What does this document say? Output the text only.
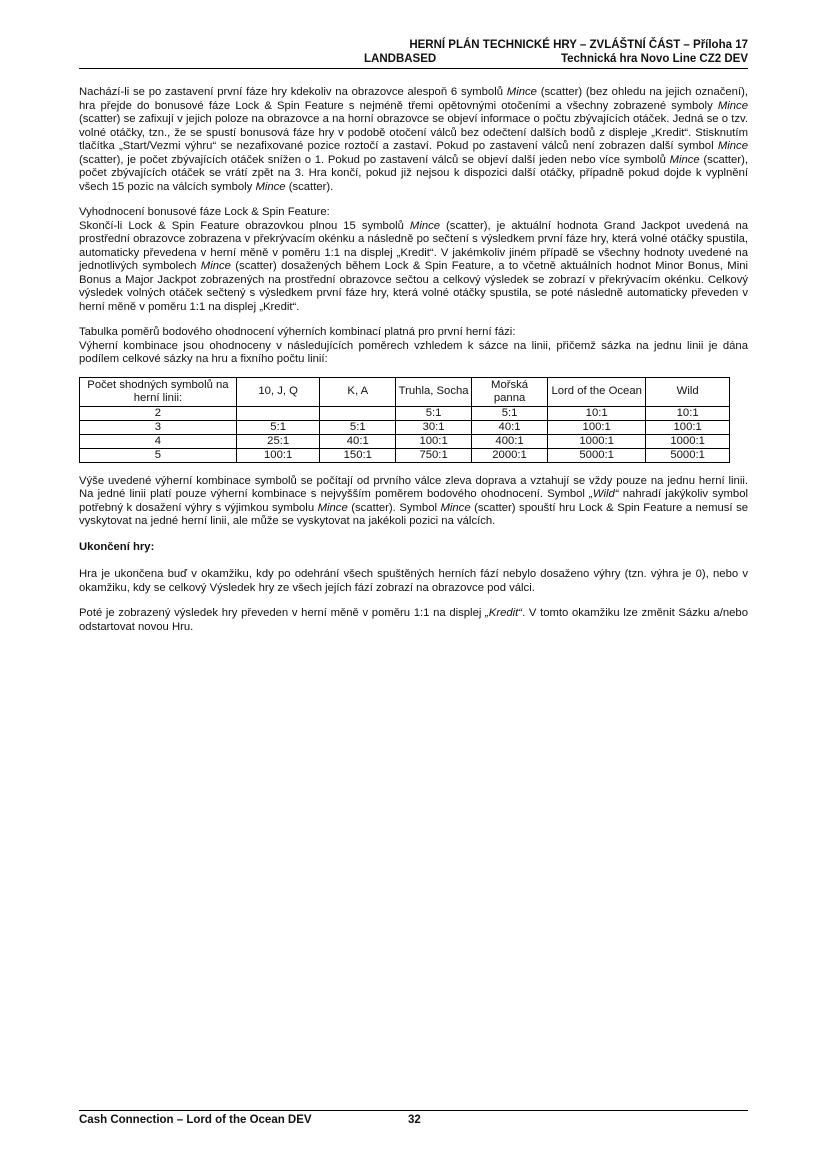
HERNÍ PLÁN TECHNICKÉ HRY – ZVLÁŠTNÍ ČÁST – Příloha 17
LANDBASED	Technická hra Novo Line CZ2 DEV

Nachází-li se po zastavení první fáze hry kdekoliv na obrazovce alespoň 6 symbolů Mince (scatter) (bez ohledu na jejich označení), hra přejde do bonusové fáze Lock & Spin Feature s nejméně třemi opětovnými otočeními a všechny zobrazené symboly Mince (scatter) se zafixují v jejich poloze na obrazovce a na horní obrazovce se objeví informace o počtu zbývajících otáček. Jedná se o tzv. volné otáčky, tzn., že se spustí bonusová fáze hry v podobě otočení válců bez odečtení dalších bodů z displeje „Kredit“. Stisknutím tlačítka „Start/Vezmi výhru“ se nezafixované pozice roztočí a zastaví. Pokud po zastavení válců není zobrazen další symbol Mince (scatter), je počet zbývajících otáček snížen o 1. Pokud po zastavení válců se objeví další jeden nebo více symbolů Mince (scatter), počet zbývajících otáček se vrátí zpět na 3. Hra končí, pokud již nejsou k dispozici další otáčky, případně pokud dojde k vyplnění všech 15 pozic na válcích symboly Mince (scatter).

Vyhodnocení bonusové fáze Lock & Spin Feature:

Skončí-li Lock & Spin Feature obrazovkou plnou 15 symbolů Mince (scatter), je aktuální hodnota Grand Jackpot uvedená na prostřední obrazovce zobrazena v překrývacím okénku a následně po sečtení s výsledkem první fáze hry, která volné otáčky spustila, automaticky převedena v herní měně v poměru 1:1 na displej „Kredit“. V jakémkoliv jiném případě se všechny hodnoty uvedené na jednotlivých symbolech Mince (scatter) dosažených během Lock & Spin Feature, a to včetně aktuálních hodnot Minor Bonus, Mini Bonus a Major Jackpot zobrazených na prostřední obrazovce sečtou a celkový výsledek se zobrazí v překrývacím okénku. Celkový výsledek volných otáček sečtený s výsledkem první fáze hry, která volné otáčky spustila, se poté následně automaticky převeden v herní měně v poměru 1:1 na displej „Kredit“.

Tabulka poměrů bodového ohodnocení výherních kombinací platná pro první herní fázi:

Výherní kombinace jsou ohodnoceny v následujících poměrech vzhledem k sázce na linii, přičemž sázka na jednu linii je dána podílem celkové sázky na hru a fixního počtu linií:

Počet shodných symbolů na herní linii:	10, J, Q	K, A	Truhla, Socha	Mořská panna	Lord of the Ocean	Wild
2			5:1	5:1	10:1	10:1
3	5:1	5:1	30:1	40:1	100:1	100:1
4	25:1	40:1	100:1	400:1	1000:1	1000:1
5	100:1	150:1	750:1	2000:1	5000:1	5000:1

Výše uvedené výherní kombinace symbolů se počítají od prvního válce zleva doprava a vztahují se vždy pouze na jednu herní linii. Na jedné linii platí pouze výherní kombinace s nejvyšším poměrem bodového ohodnocení. Symbol „Wild“ nahradí jakýkoliv symbol potřebný k dosažení výhry s výjimkou symbolu Mince (scatter). Symbol Mince (scatter) spouští hru Lock & Spin Feature a nemusí se vyskytovat na jedné herní linii, ale může se vyskytovat na jakékoli pozici na válcích.

Ukončení hry:

Hra je ukončena buď v okamžiku, kdy po odehrání všech spuštěných herních fází nebylo dosaženo výhry (tzn. výhra je 0), nebo v okamžiku, kdy se celkový Výsledek hry ze všech jejích fází zobrazí na obrazovce pod válci.

Poté je zobrazený výsledek hry převeden v herní měně v poměru 1:1 na displej „Kredit“. V tomto okamžiku lze změnit Sázku a/nebo odstartovat novou Hru.

Cash Connection – Lord of the Ocean DEV	32
